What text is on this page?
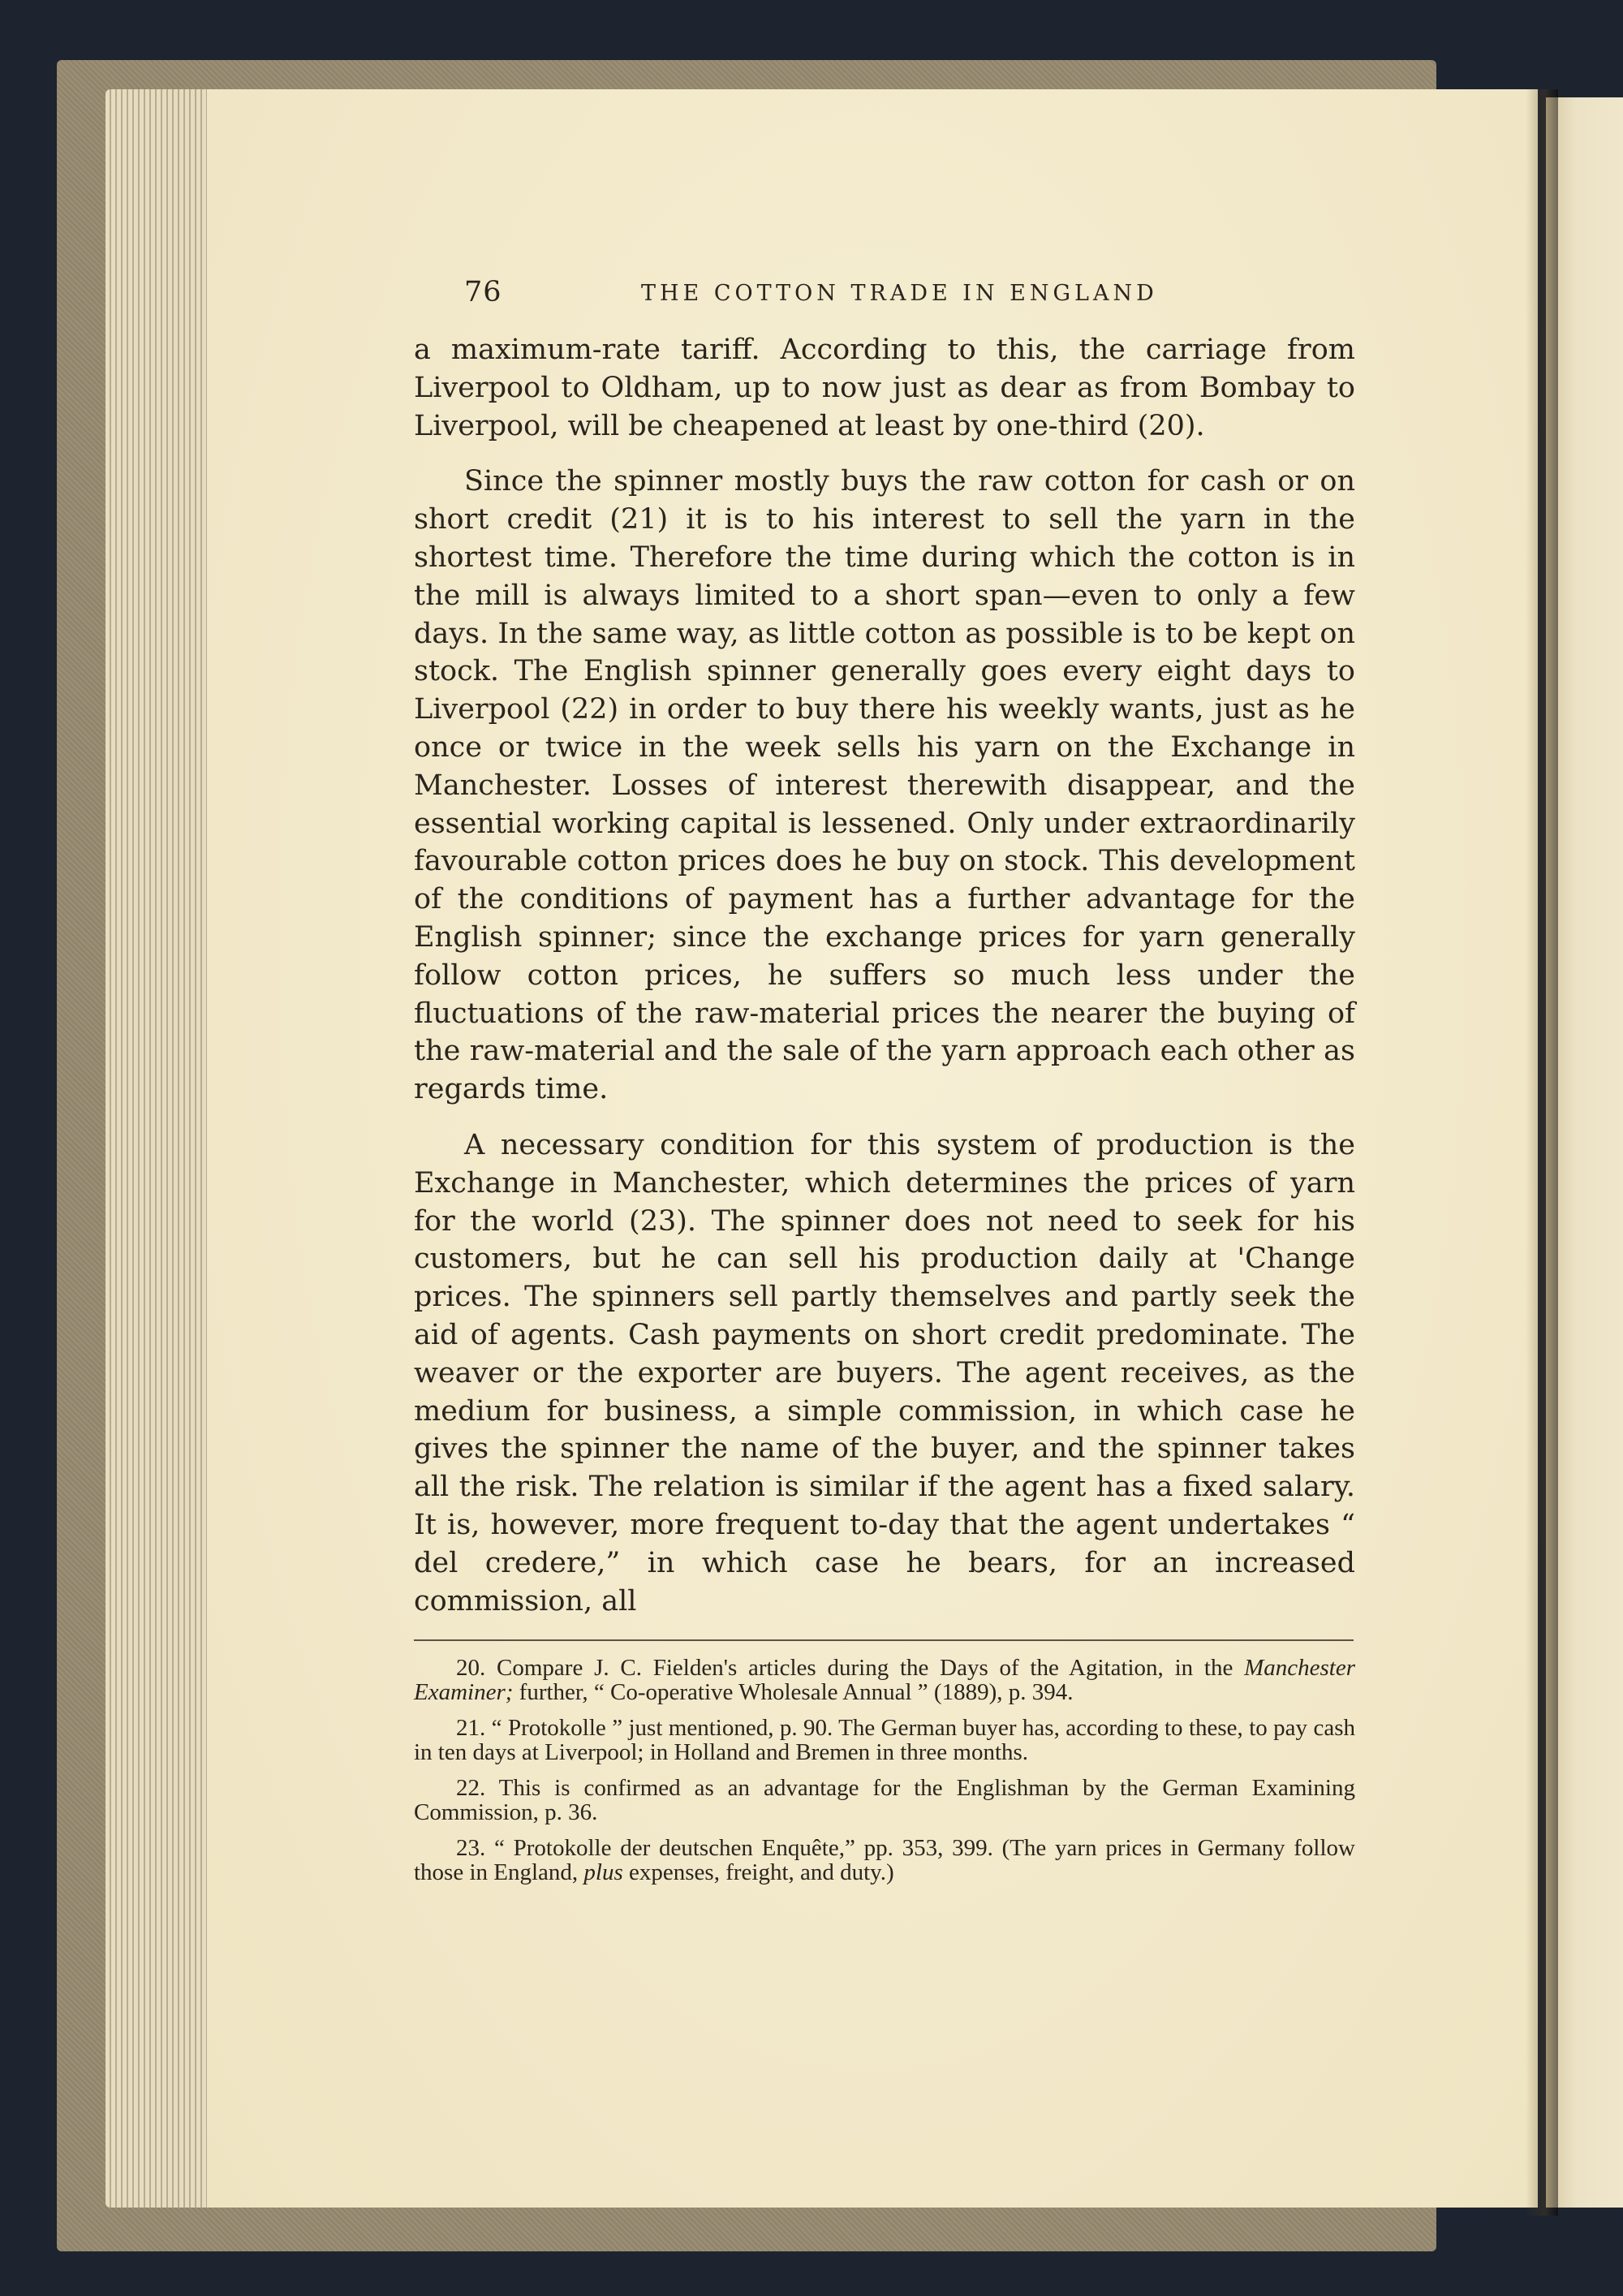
76	THE COTTON TRADE IN ENGLAND

a maximum-rate tariff. According to this, the carriage from Liverpool to Oldham, up to now just as dear as from Bombay to Liverpool, will be cheapened at least by one-third (20).

Since the spinner mostly buys the raw cotton for cash or on short credit (21) it is to his interest to sell the yarn in the shortest time. Therefore the time during which the cotton is in the mill is always limited to a short span—even to only a few days. In the same way, as little cotton as possible is to be kept on stock. The English spinner generally goes every eight days to Liverpool (22) in order to buy there his weekly wants, just as he once or twice in the week sells his yarn on the Exchange in Manchester. Losses of interest therewith disappear, and the essential working capital is lessened. Only under extraordinarily favourable cotton prices does he buy on stock. This development of the conditions of payment has a further advantage for the English spinner; since the exchange prices for yarn generally follow cotton prices, he suffers so much less under the fluctuations of the raw-material prices the nearer the buying of the raw-material and the sale of the yarn approach each other as regards time.

A necessary condition for this system of production is the Exchange in Manchester, which determines the prices of yarn for the world (23). The spinner does not need to seek for his customers, but he can sell his production daily at 'Change prices. The spinners sell partly themselves and partly seek the aid of agents. Cash payments on short credit predominate. The weaver or the exporter are buyers. The agent receives, as the medium for business, a simple commission, in which case he gives the spinner the name of the buyer, and the spinner takes all the risk. The relation is similar if the agent has a fixed salary. It is, however, more frequent to-day that the agent undertakes “ del credere,” in which case he bears, for an increased commission, all

20. Compare J. C. Fielden's articles during the Days of the Agitation, in the Manchester Examiner; further, “ Co-operative Wholesale Annual ” (1889), p. 394.

21. “ Protokolle ” just mentioned, p. 90. The German buyer has, according to these, to pay cash in ten days at Liverpool; in Holland and Bremen in three months.

22. This is confirmed as an advantage for the Englishman by the German Examining Commission, p. 36.

23. “ Protokolle der deutschen Enquête,” pp. 353, 399. (The yarn prices in Germany follow those in England, plus expenses, freight, and duty.)
